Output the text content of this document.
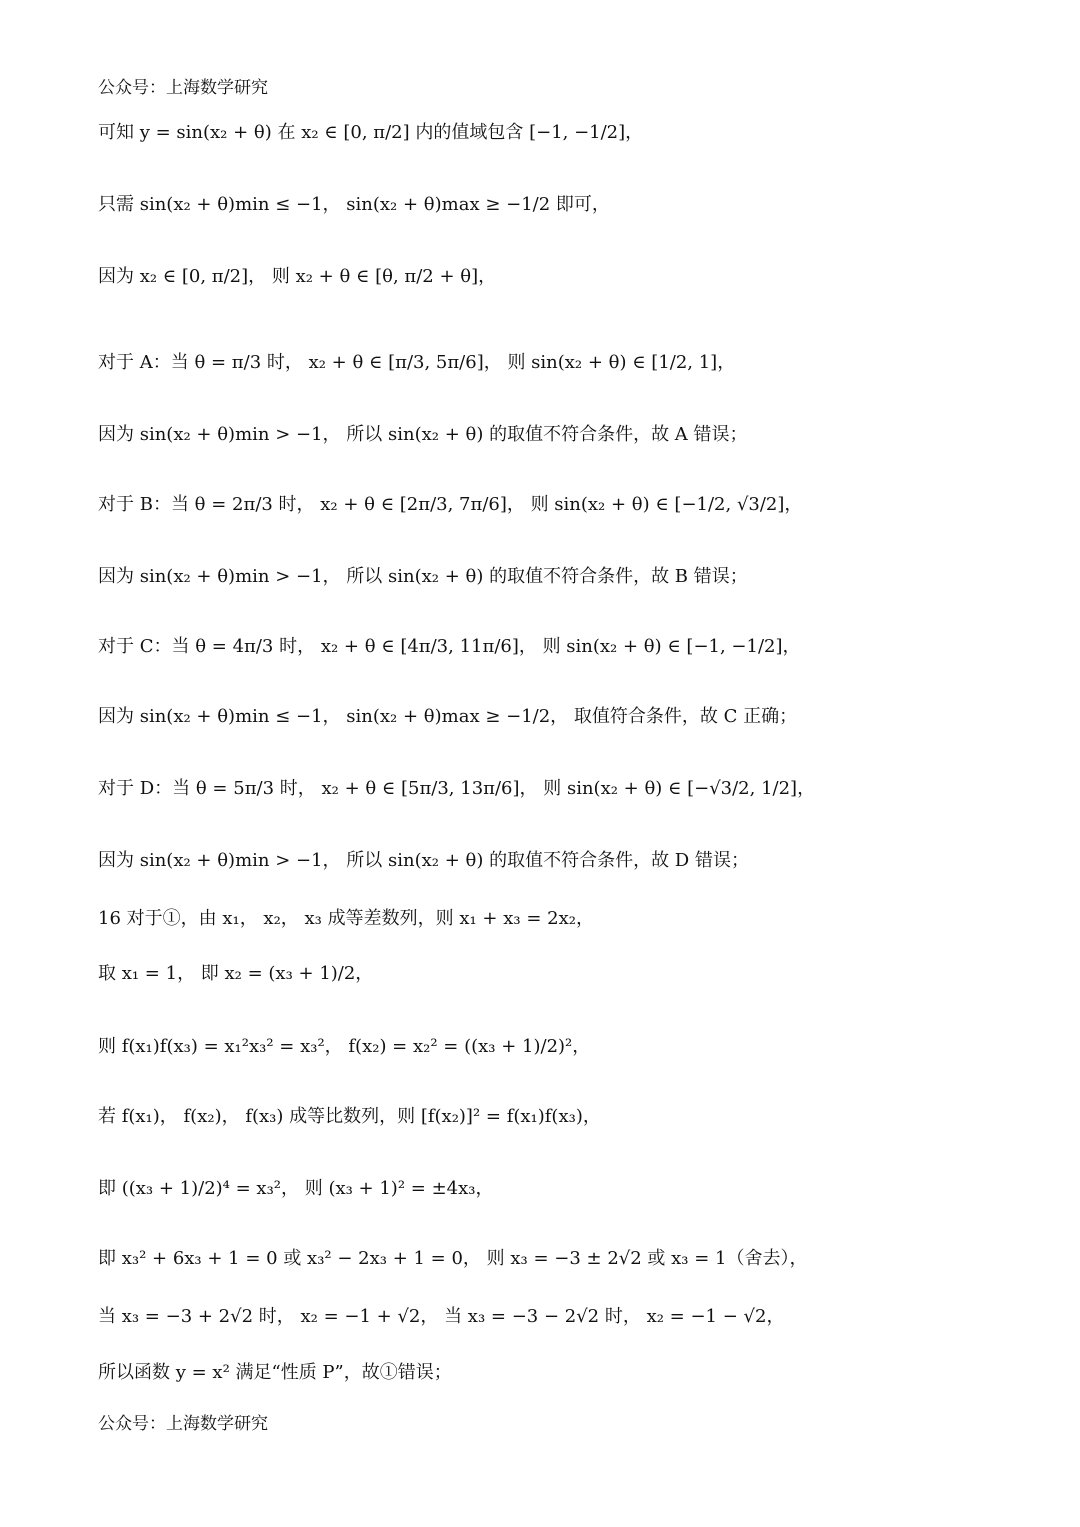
公众号：上海数学研究
可知 y = sin(x₂ + θ) 在 x₂ ∈ [0, π/2] 内的值域包含 [−1, −1/2]，
只需 sin(x₂ + θ)min ≤ −1， sin(x₂ + θ)max ≥ −1/2 即可，
因为 x₂ ∈ [0, π/2]， 则 x₂ + θ ∈ [θ, π/2 + θ]，
对于 A：当 θ = π/3 时， x₂ + θ ∈ [π/3, 5π/6]， 则 sin(x₂ + θ) ∈ [1/2, 1]，
因为 sin(x₂ + θ)min > −1， 所以 sin(x₂ + θ) 的取值不符合条件，故 A 错误；
对于 B：当 θ = 2π/3 时， x₂ + θ ∈ [2π/3, 7π/6]， 则 sin(x₂ + θ) ∈ [−1/2, √3/2]，
因为 sin(x₂ + θ)min > −1， 所以 sin(x₂ + θ) 的取值不符合条件，故 B 错误；
对于 C：当 θ = 4π/3 时， x₂ + θ ∈ [4π/3, 11π/6]， 则 sin(x₂ + θ) ∈ [−1, −1/2]，
因为 sin(x₂ + θ)min ≤ −1， sin(x₂ + θ)max ≥ −1/2， 取值符合条件，故 C 正确；
对于 D：当 θ = 5π/3 时， x₂ + θ ∈ [5π/3, 13π/6]， 则 sin(x₂ + θ) ∈ [−√3/2, 1/2]，
因为 sin(x₂ + θ)min > −1， 所以 sin(x₂ + θ) 的取值不符合条件，故 D 错误；
16 对于①，由 x₁， x₂， x₃ 成等差数列，则 x₁ + x₃ = 2x₂，
取 x₁ = 1， 即 x₂ = (x₃ + 1)/2，
则 f(x₁)f(x₃) = x₁²x₃² = x₃²， f(x₂) = x₂² = ((x₃ + 1)/2)²，
若 f(x₁)， f(x₂)， f(x₃) 成等比数列，则 [f(x₂)]² = f(x₁)f(x₃)，
即 ((x₃ + 1)/2)⁴ = x₃²， 则 (x₃ + 1)² = ±4x₃，
即 x₃² + 6x₃ + 1 = 0 或 x₃² − 2x₃ + 1 = 0， 则 x₃ = −3 ± 2√2 或 x₃ = 1（舍去），
当 x₃ = −3 + 2√2 时， x₂ = −1 + √2， 当 x₃ = −3 − 2√2 时， x₂ = −1 − √2，
所以函数 y = x² 满足“性质 P”，故①错误；
公众号：上海数学研究
